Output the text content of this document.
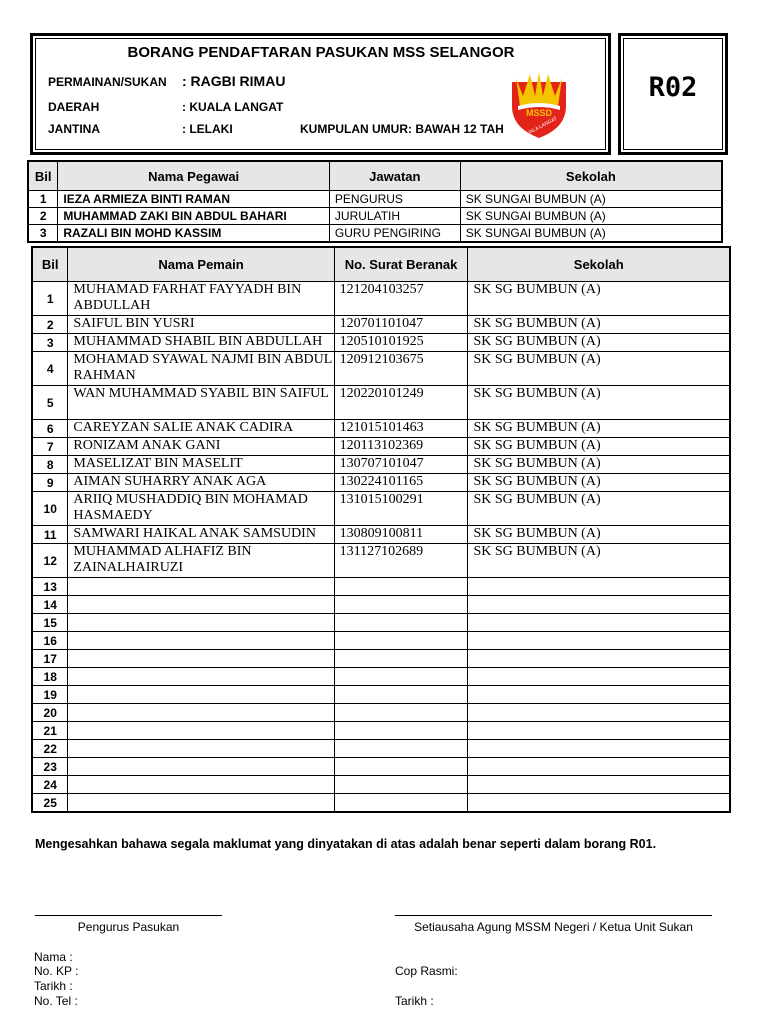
BORANG PENDAFTARAN PASUKAN MSS SELANGOR
PERMAINAN/SUKAN : RAGBI RIMAU
DAERAH	: KUALA LANGAT
JANTINA	: LELAKI	KUMPULAN UMUR: BAWAH 12 TAH
MSSD
KUALA LANGAT
R02
Bil	Nama Pegawai	Jawatan	Sekolah
1	IEZA ARMIEZA BINTI RAMAN	PENGURUS	SK SUNGAI BUMBUN (A)
2	MUHAMMAD ZAKI BIN ABDUL BAHARI	JURULATIH	SK SUNGAI BUMBUN (A)
3	RAZALI BIN MOHD KASSIM	GURU PENGIRING	SK SUNGAI BUMBUN (A)
Bil	Nama Pemain	No. Surat Beranak	Sekolah
1	MUHAMAD FARHAT FAYYADH BIN ABDULLAH	121204103257	SK SG BUMBUN (A)
2	SAIFUL BIN YUSRI	120701101047	SK SG BUMBUN (A)
3	MUHAMMAD SHABIL BIN ABDULLAH	120510101925	SK SG BUMBUN (A)
4	MOHAMAD SYAWAL NAJMI BIN ABDUL RAHMAN	120912103675	SK SG BUMBUN (A)
5	WAN MUHAMMAD SYABIL BIN SAIFUL	120220101249	SK SG BUMBUN (A)
6	CAREYZAN SALIE ANAK CADIRA	121015101463	SK SG BUMBUN (A)
7	RONIZAM ANAK GANI	120113102369	SK SG BUMBUN (A)
8	MASELIZAT BIN MASELIT	130707101047	SK SG BUMBUN (A)
9	AIMAN SUHARRY ANAK AGA	130224101165	SK SG BUMBUN (A)
10	ARIIQ MUSHADDIQ BIN MOHAMAD HASMAEDY	131015100291	SK SG BUMBUN (A)
11	SAMWARI HAIKAL ANAK SAMSUDIN	130809100811	SK SG BUMBUN (A)
12	MUHAMMAD ALHAFIZ BIN ZAINALHAIRUZI	131127102689	SK SG BUMBUN (A)
13			
14			
15			
16			
17			
18			
19			
20			
21			
22			
23			
24			
25			
Mengesahkan bahawa segala maklumat yang dinyatakan di atas adalah benar seperti dalam borang R01.
Pengurus Pasukan	Setiausaha Agung MSSM Negeri / Ketua Unit Sukan
Nama :
No. KP :
Tarikh :
No. Tel :
Cop Rasmi:
Tarikh :
